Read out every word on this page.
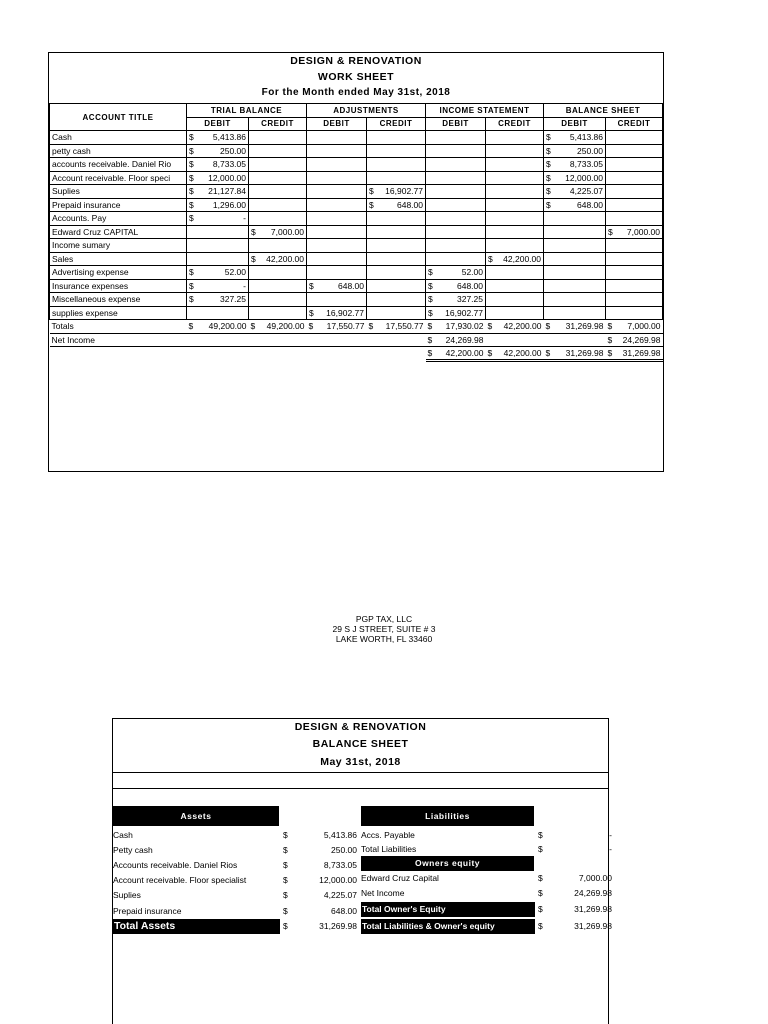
DESIGN & RENOVATION
WORK SHEET
For the Month ended May 31st, 2018
ACCOUNT TITLE	TRIAL BALANCE		ADJUSTMENTS		INCOME STATEMENT		BALANCE SHEET	
	DEBIT	CREDIT	DEBIT	CREDIT	DEBIT	CREDIT	DEBIT	CREDIT
Cash	$ 5,413.86						$ 5,413.86	
petty cash	$ 250.00						$ 250.00	
accounts receivable. Daniel Rio	$ 8,733.05						$ 8,733.05	
Account receivable. Floor speci	$ 12,000.00						$ 12,000.00	
Suplies	$ 21,127.84			$ 16,902.77			$ 4,225.07	
Prepaid insurance	$ 1,296.00			$ 648.00			$ 648.00	
Accounts. Pay	$ -							
Edward Cruz CAPITAL		$ 7,000.00						$ 7,000.00
Income sumary								
Sales		$ 42,200.00				$ 42,200.00		
Advertising expense	$ 52.00				$ 52.00			
Insurance expenses	$ -		$ 648.00		$ 648.00			
Miscellaneous expense	$ 327.25				$ 327.25			
supplies expense			$ 16,902.77		$ 16,902.77			
Totals	$ 49,200.00	$ 49,200.00	$ 17,550.77	$ 17,550.77	$ 17,930.02	$ 42,200.00	$ 31,269.98	$ 7,000.00
Net Income					$ 24,269.98			$ 24,269.98

					$ 42,200.00	$ 42,200.00	$ 31,269.98	$ 31,269.98
PGP TAX, LLC
29 S J STREET, SUITE # 3
LAKE WORTH, FL 33460
DESIGN & RENOVATION
BALANCE SHEET
May 31st, 2018
Assets	Liabilities
Owners equity
Cash	$	5,413.86
Petty cash	$	250.00
Accounts receivable. Daniel Rios	$	8,733.05
Account receivable. Floor specialist	$	12,000.00
Suplies	$	4,225.07
Prepaid insurance	$	648.00
Total Assets	$	31,269.98
Accs. Payable	$	-
Total Liabilities	$	-
Edward Cruz Capital	$	7,000.00
Net Income	$	24,269.98
Total Owner's Equity	$	31,269.98
Total Liabilities & Owner's equity	$	31,269.98
